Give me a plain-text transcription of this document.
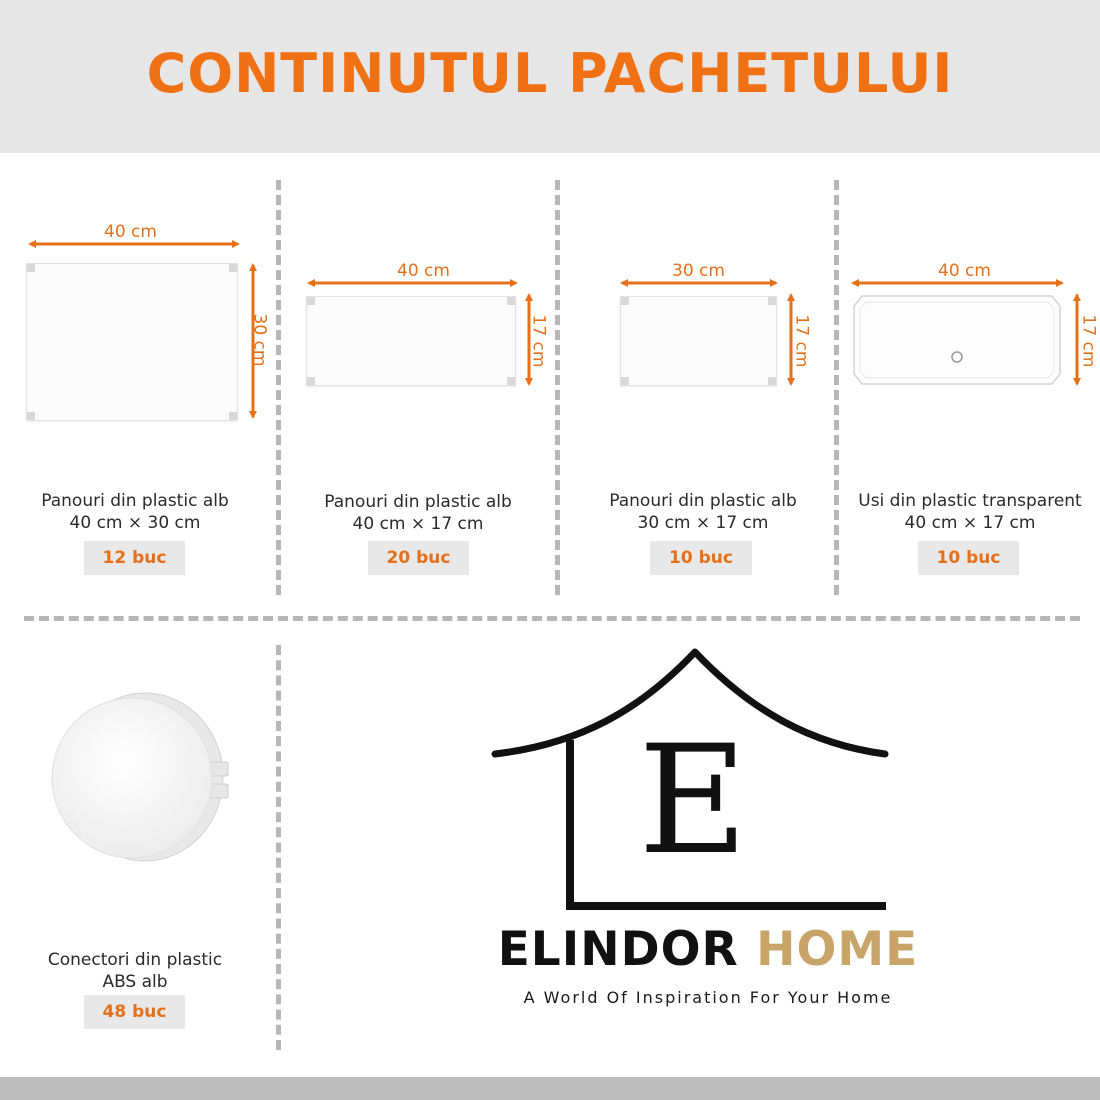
CONTINUTUL PACHETULUI
40 cm
30 cm
Panouri din plastic alb
40 cm × 30 cm
12 buc
40 cm
17 cm
Panouri din plastic alb
40 cm × 17 cm
20 buc
30 cm
17 cm
Panouri din plastic alb
30 cm × 17 cm
10 buc
40 cm
17 cm
Usi din plastic transparent
40 cm × 17 cm
10 buc
Conectori din plastic
ABS alb
48 buc
E
ELINDOR HOME
A World Of Inspiration For Your Home
